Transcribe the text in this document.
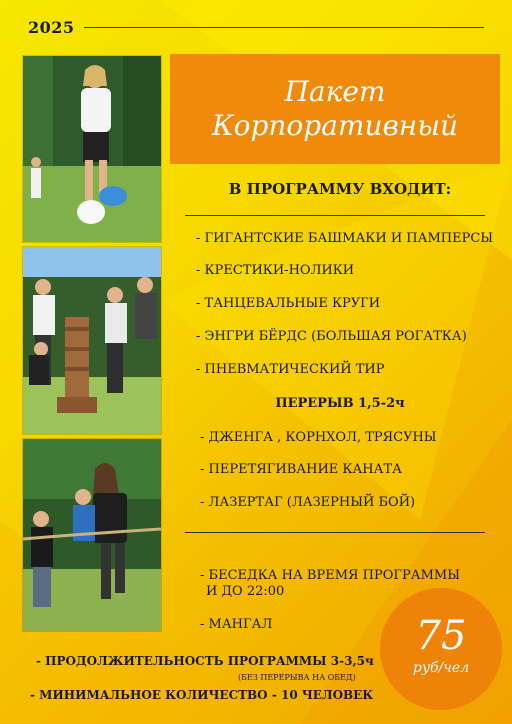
2025
Пакет
Корпоративный
В ПРОГРАММУ ВХОДИТ:
- ГИГАНТСКИЕ БАШМАКИ И ПАМПЕРСЫ
- КРЕСТИКИ-НОЛИКИ
- ТАНЦЕВАЛЬНЫЕ КРУГИ
- ЭНГРИ БЁРДС (БОЛЬШАЯ РОГАТКА)
- ПНЕВМАТИЧЕСКИЙ ТИР
ПЕРЕРЫВ 1,5-2ч
- ДЖЕНГА , КОРНХОЛ, ТРЯСУНЫ
- ПЕРЕТЯГИВАНИЕ КАНАТА
- ЛАЗЕРТАГ (ЛАЗЕРНЫЙ БОЙ)
- БЕСЕДКА НА ВРЕМЯ ПРОГРАММЫ
И ДО 22:00
- МАНГАЛ
- ПРОДОЛЖИТЕЛЬНОСТЬ ПРОГРАММЫ 3-3,5ч
(БЕЗ ПЕРЕРЫВА НА ОБЕД)
- МИНИМАЛЬНОЕ КОЛИЧЕСТВО - 10 ЧЕЛОВЕК
75
руб/чел
